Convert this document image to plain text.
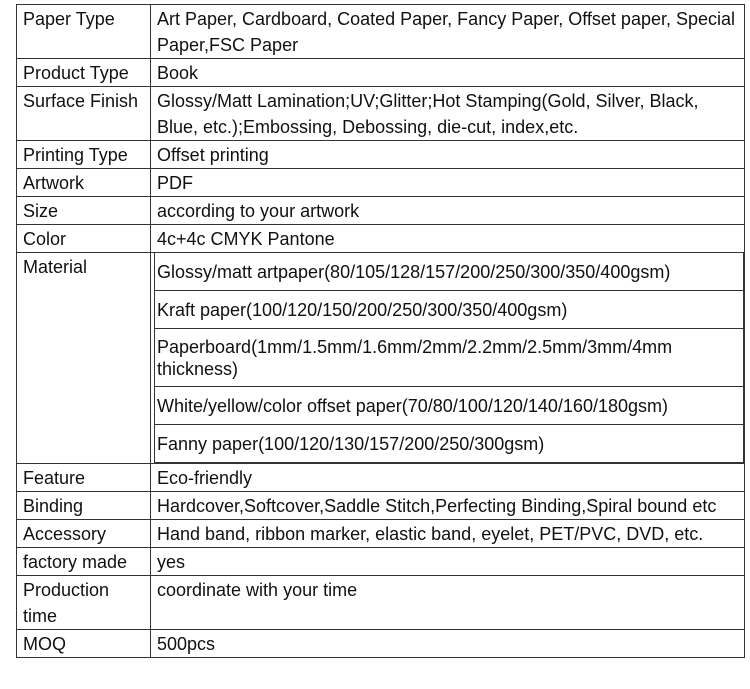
Paper Type	Art Paper, Cardboard, Coated Paper, Fancy Paper, Offset paper, Special Paper,FSC Paper
Product Type	Book
Surface Finish	Glossy/Matt Lamination;UV;Glitter;Hot Stamping(Gold, Silver, Black, Blue, etc.);Embossing, Debossing, die-cut, index,etc.
Printing Type	Offset printing
Artwork	PDF
Size	according to your artwork
Color	4c+4c CMYK Pantone
Material		Glossy/matt artpaper(80/105/128/157/200/250/300/350/400gsm)
Kraft paper(100/120/150/200/250/300/350/400gsm)
Paperboard(1mm/1.5mm/1.6mm/2mm/2.2mm/2.5mm/3mm/4mm thickness)
White/yellow/color offset paper(70/80/100/120/140/160/180gsm)
Fanny paper(100/120/130/157/200/250/300gsm)

Feature	Eco-friendly
Binding	Hardcover,Softcover,Saddle Stitch,Perfecting Binding,Spiral bound etc
Accessory	Hand band, ribbon marker, elastic band, eyelet, PET/PVC, DVD, etc.
factory made	yes
Production time	coordinate with your time
MOQ	500pcs
